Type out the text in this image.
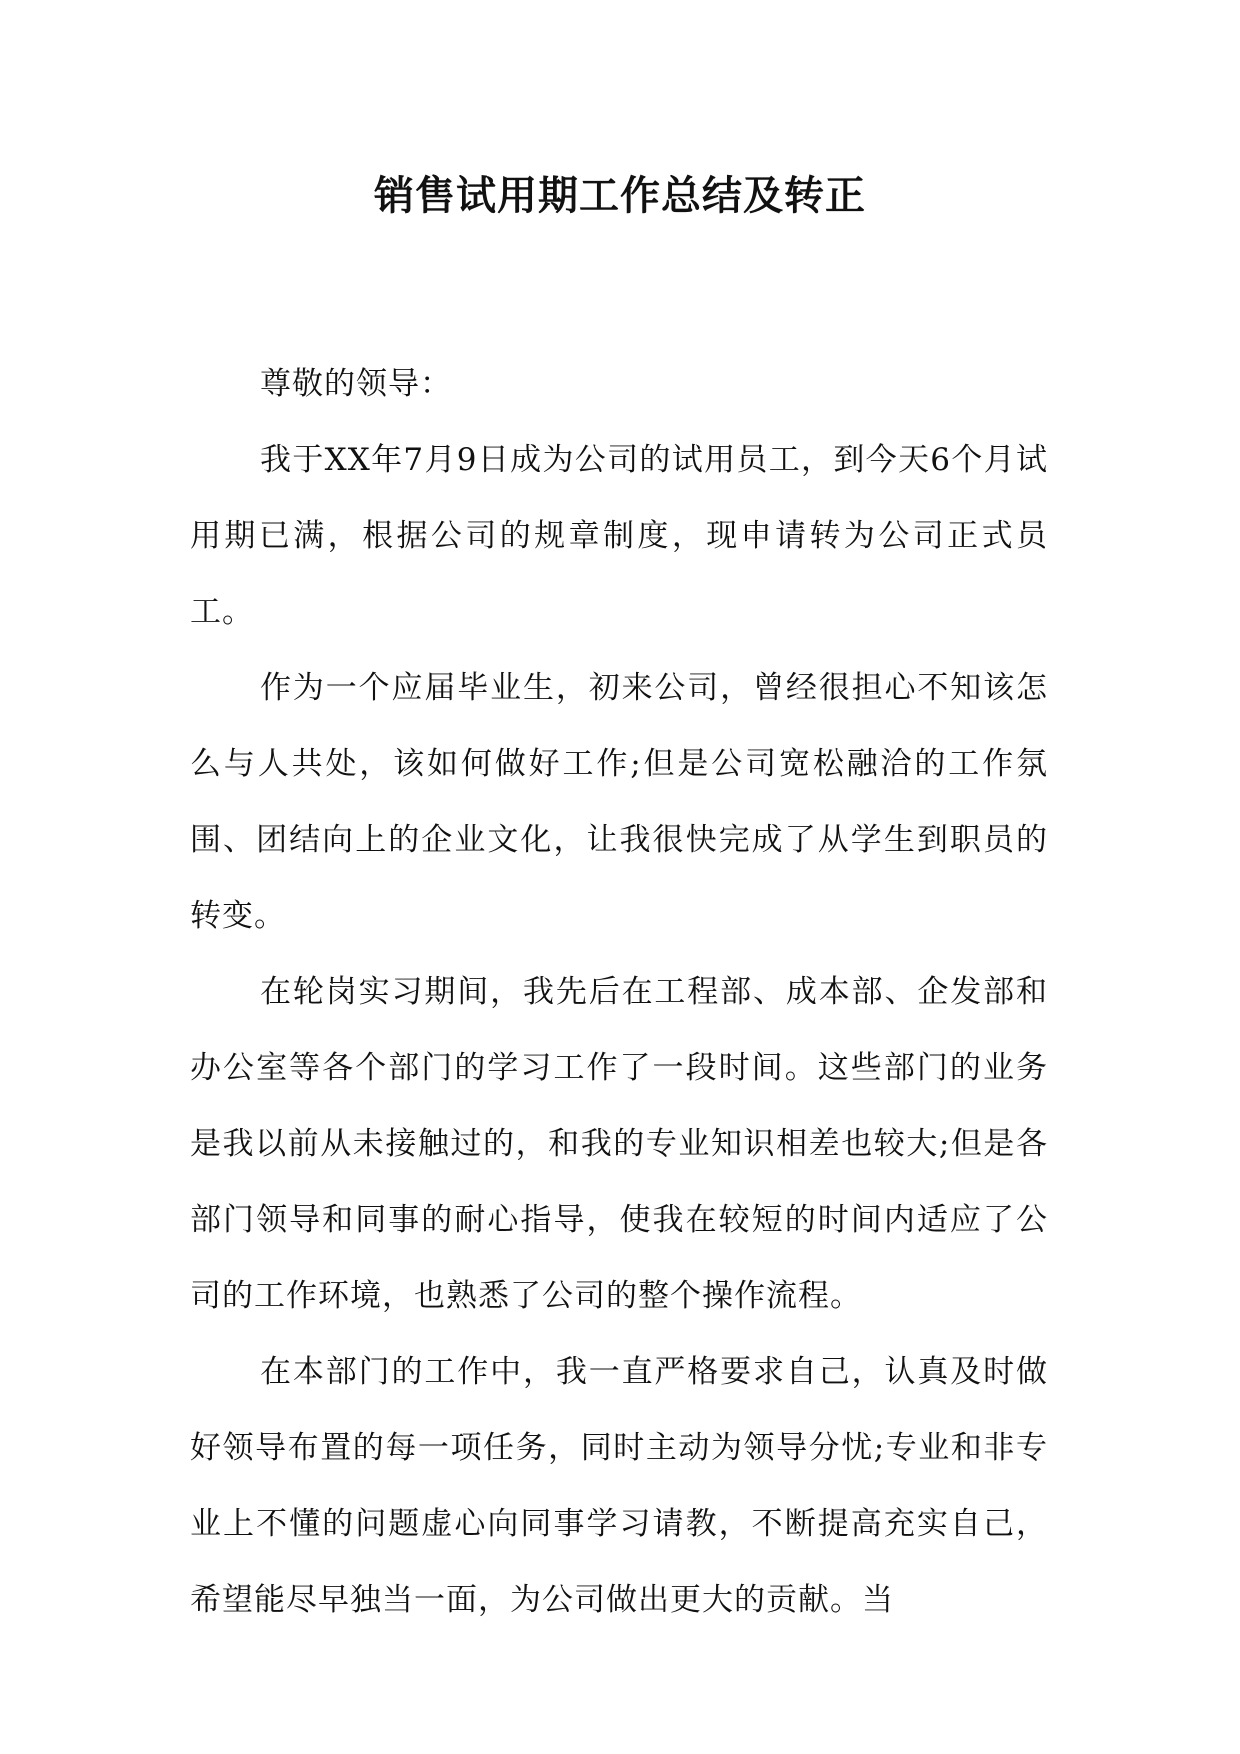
销售试用期工作总结及转正

尊敬的领导：

我于XX年7月9日成为公司的试用员工，到今天6个月试用期已满，根据公司的规章制度，现申请转为公司正式员工。

作为一个应届毕业生，初来公司，曾经很担心不知该怎么与人共处，该如何做好工作;但是公司宽松融洽的工作氛围、团结向上的企业文化，让我很快完成了从学生到职员的转变。

在轮岗实习期间，我先后在工程部、成本部、企发部和办公室等各个部门的学习工作了一段时间。这些部门的业务是我以前从未接触过的，和我的专业知识相差也较大;但是各部门领导和同事的耐心指导，使我在较短的时间内适应了公司的工作环境，也熟悉了公司的整个操作流程。

在本部门的工作中，我一直严格要求自己，认真及时做好领导布置的每一项任务，同时主动为领导分忧;专业和非专业上不懂的问题虚心向同事学习请教，不断提高充实自己，希望能尽早独当一面，为公司做出更大的贡献。当
